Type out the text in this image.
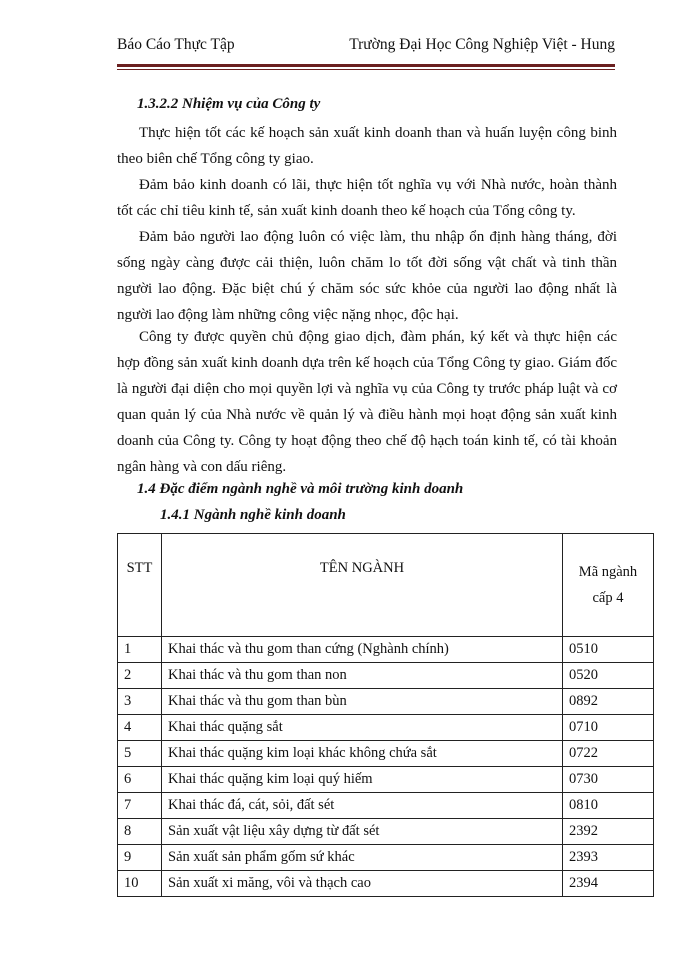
Báo Cáo Thực Tập	Trường Đại Học Công Nghiệp Việt - Hung
1.3.2.2 Nhiệm vụ của Công ty

Thực hiện tốt các kế hoạch sản xuất kinh doanh than và huấn luyện công binh theo biên chế Tổng công ty giao.

Đảm bảo kinh doanh có lãi, thực hiện tốt nghĩa vụ với Nhà nước, hoàn thành tốt các chỉ tiêu kinh tế, sản xuất kinh doanh theo kế hoạch của Tổng công ty.

Đảm bảo người lao động luôn có việc làm, thu nhập ổn định hàng tháng, đời sống ngày càng được cải thiện, luôn chăm lo tốt đời sống vật chất và tinh thần người lao động. Đặc biệt chú ý chăm sóc sức khỏe của người lao động nhất là người lao động làm những công việc nặng nhọc, độc hại.

Công ty được quyền chủ động giao dịch, đàm phán, ký kết và thực hiện các hợp đồng sản xuất kinh doanh dựa trên kế hoạch của Tổng Công ty giao. Giám đốc là người đại diện cho mọi quyền lợi và nghĩa vụ của Công ty trước pháp luật và cơ quan quản lý của Nhà nước về quản lý và điều hành mọi hoạt động sản xuất kinh doanh của Công ty. Công ty hoạt động theo chế độ hạch toán kinh tế, có tài khoản ngân hàng và con dấu riêng.

1.4 Đặc điểm ngành nghề và môi trường kinh doanh
1.4.1 Ngành nghề kinh doanh
STT	TÊN NGÀNH	Mã ngành
cấp 4

1	Khai thác và thu gom than cứng (Nghành chính)	0510
2	Khai thác và thu gom than non	0520
3	Khai thác và thu gom than bùn	0892
4	Khai thác quặng sắt	0710
5	Khai thác quặng kim loại khác không chứa sắt	0722
6	Khai thác quặng kim loại quý hiếm	0730
7	Khai thác đá, cát, sỏi, đất sét	0810
8	Sản xuất vật liệu xây dựng từ đất sét	2392
9	Sản xuất sản phẩm gốm sứ khác	2393
10	Sản xuất xi măng, vôi và thạch cao	2394
